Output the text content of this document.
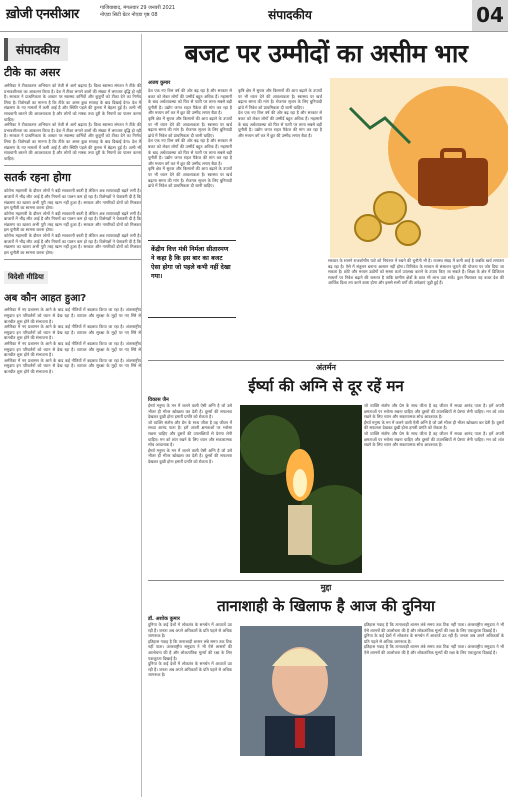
ख़ोजी एनसीआर	गाजियाबाद, मंगलवार 29 जनवरी 2021
नोएडा सिटी ग्रेटर नोएडा पृष्ठ 08	संपादकीय	04
संपादकीय
टीके का असर

अमेरिका ने टीकाकरण अभियान को तेजी से आगे बढ़ाया है। विश्व स्वास्थ्य संगठन ने टीके की प्रभावशीलता का आकलन किया है। देश में टीका लगाने वालों की संख्या में लगातार वृद्धि हो रही है। सरकार ने प्राथमिकता के आधार पर स्वास्थ्य कर्मियों और बुजुर्गों को टीका देने का निर्णय लिया है। विशेषज्ञों का मानना है कि टीके का असर कुछ सप्ताह के बाद दिखाई देगा। देश में संक्रमण के नए मामलों में कमी आई है और स्थिति पहले की तुलना में बेहतर हुई है। अभी भी सावधानी बरतने की आवश्यकता है और लोगों को मास्क तथा दूरी के नियमों का पालन करना चाहिए।

अमेरिका ने टीकाकरण अभियान को तेजी से आगे बढ़ाया है। विश्व स्वास्थ्य संगठन ने टीके की प्रभावशीलता का आकलन किया है। देश में टीका लगाने वालों की संख्या में लगातार वृद्धि हो रही है। सरकार ने प्राथमिकता के आधार पर स्वास्थ्य कर्मियों और बुजुर्गों को टीका देने का निर्णय लिया है। विशेषज्ञों का मानना है कि टीके का असर कुछ सप्ताह के बाद दिखाई देगा। देश में संक्रमण के नए मामलों में कमी आई है और स्थिति पहले की तुलना में बेहतर हुई है। अभी भी सावधानी बरतने की आवश्यकता है और लोगों को मास्क तथा दूरी के नियमों का पालन करना चाहिए।

सतर्क रहना होगा

कोरोना महामारी के दौरान लोगों ने बड़ी सावधानी बरती है लेकिन अब लापरवाही बढ़ने लगी है। बाजारों में भीड़ लौट आई है और नियमों का पालन कम हो रहा है। विशेषज्ञों ने चेतावनी दी है कि संक्रमण का खतरा अभी पूरी तरह खत्म नहीं हुआ है। सरकार और नागरिकों दोनों को मिलकर इस चुनौती का सामना करना होगा।

कोरोना महामारी के दौरान लोगों ने बड़ी सावधानी बरती है लेकिन अब लापरवाही बढ़ने लगी है। बाजारों में भीड़ लौट आई है और नियमों का पालन कम हो रहा है। विशेषज्ञों ने चेतावनी दी है कि संक्रमण का खतरा अभी पूरी तरह खत्म नहीं हुआ है। सरकार और नागरिकों दोनों को मिलकर इस चुनौती का सामना करना होगा।

कोरोना महामारी के दौरान लोगों ने बड़ी सावधानी बरती है लेकिन अब लापरवाही बढ़ने लगी है। बाजारों में भीड़ लौट आई है और नियमों का पालन कम हो रहा है। विशेषज्ञों ने चेतावनी दी है कि संक्रमण का खतरा अभी पूरी तरह खत्म नहीं हुआ है। सरकार और नागरिकों दोनों को मिलकर इस चुनौती का सामना करना होगा।

विदेशी मीडिया
अब कौन आहत हुआ?

अमेरिका में नए प्रशासन के आने के बाद कई नीतियों में बदलाव किया जा रहा है। अंतरराष्ट्रीय समुदाय इन परिवर्तनों को ध्यान से देख रहा है। व्यापार और सुरक्षा के मुद्दों पर नए सिरे से बातचीत शुरू होने की संभावना है।

अमेरिका में नए प्रशासन के आने के बाद कई नीतियों में बदलाव किया जा रहा है। अंतरराष्ट्रीय समुदाय इन परिवर्तनों को ध्यान से देख रहा है। व्यापार और सुरक्षा के मुद्दों पर नए सिरे से बातचीत शुरू होने की संभावना है।

अमेरिका में नए प्रशासन के आने के बाद कई नीतियों में बदलाव किया जा रहा है। अंतरराष्ट्रीय समुदाय इन परिवर्तनों को ध्यान से देख रहा है। व्यापार और सुरक्षा के मुद्दों पर नए सिरे से बातचीत शुरू होने की संभावना है।

अमेरिका में नए प्रशासन के आने के बाद कई नीतियों में बदलाव किया जा रहा है। अंतरराष्ट्रीय समुदाय इन परिवर्तनों को ध्यान से देख रहा है। व्यापार और सुरक्षा के मुद्दों पर नए सिरे से बातचीत शुरू होने की संभावना है।

बजट पर उम्मीदों का असीम भार
अजय कुमार

देश एक नए वित्त वर्ष की ओर बढ़ रहा है और सरकार से बजट को लेकर लोगों की उम्मीदें बहुत अधिक हैं। महामारी के बाद अर्थव्यवस्था को फिर से पटरी पर लाना सबसे बड़ी चुनौती है। उद्योग जगत राहत पैकेज की मांग कर रहा है और मध्यम वर्ग कर में छूट की उम्मीद लगाए बैठा है।

कृषि क्षेत्र में सुधार और किसानों की आय बढ़ाने के उपायों पर भी ध्यान देने की आवश्यकता है। स्वास्थ्य पर खर्च बढ़ाना समय की मांग है। रोजगार सृजन के लिए बुनियादी ढांचे में निवेश को प्राथमिकता दी जानी चाहिए।

देश एक नए वित्त वर्ष की ओर बढ़ रहा है और सरकार से बजट को लेकर लोगों की उम्मीदें बहुत अधिक हैं। महामारी के बाद अर्थव्यवस्था को फिर से पटरी पर लाना सबसे बड़ी चुनौती है। उद्योग जगत राहत पैकेज की मांग कर रहा है और मध्यम वर्ग कर में छूट की उम्मीद लगाए बैठा है।

कृषि क्षेत्र में सुधार और किसानों की आय बढ़ाने के उपायों पर भी ध्यान देने की आवश्यकता है। स्वास्थ्य पर खर्च बढ़ाना समय की मांग है। रोजगार सृजन के लिए बुनियादी ढांचे में निवेश को प्राथमिकता दी जानी चाहिए।

कृषि क्षेत्र में सुधार और किसानों की आय बढ़ाने के उपायों पर भी ध्यान देने की आवश्यकता है। स्वास्थ्य पर खर्च बढ़ाना समय की मांग है। रोजगार सृजन के लिए बुनियादी ढांचे में निवेश को प्राथमिकता दी जानी चाहिए।

देश एक नए वित्त वर्ष की ओर बढ़ रहा है और सरकार से बजट को लेकर लोगों की उम्मीदें बहुत अधिक हैं। महामारी के बाद अर्थव्यवस्था को फिर से पटरी पर लाना सबसे बड़ी चुनौती है। उद्योग जगत राहत पैकेज की मांग कर रहा है और मध्यम वर्ग कर में छूट की उम्मीद लगाए बैठा है।

सरकार के सामने राजकोषीय घाटे को नियंत्रण में रखने की चुनौती भी है। राजस्व संग्रह में कमी आई है जबकि खर्च लगातार बढ़ रहा है। ऐसे में संतुलन बनाना आसान नहीं होगा। विनिवेश के माध्यम से संसाधन जुटाने की योजना पर जोर दिया जा सकता है। छोटे और मध्यम उद्योगों को सस्ता कर्ज उपलब्ध कराने के उपाय किए जा सकते हैं। शिक्षा के क्षेत्र में डिजिटल साधनों पर निवेश बढ़ाने की जरूरत है ताकि ग्रामीण क्षेत्रों के छात्र भी लाभ उठा सकें। कुल मिलाकर यह बजट देश की आर्थिक दिशा तय करने वाला होगा और इससे सभी वर्गों की अपेक्षाएं जुड़ी हुई हैं।

केंद्रीय वित्त मंत्री निर्मला सीतारमण ने कहा है कि इस बार का बजट ऐसा होगा जो पहले कभी नहीं देखा गया।
अंतर्मन
ईर्ष्या की अग्नि से दूर रहें मन
विकास जैन

ईर्ष्या मनुष्य के मन में जलने वाली ऐसी अग्नि है जो उसे भीतर ही भीतर खोखला कर देती है। दूसरों की सफलता देखकर दुखी होना हमारी प्रगति को रोकता है।

जो व्यक्ति संतोष और प्रेम के साथ जीता है वह जीवन में सच्चा आनंद पाता है। हमें अपनी क्षमताओं पर भरोसा रखना चाहिए और दूसरों की उपलब्धियों से प्रेरणा लेनी चाहिए। मन को शांत रखने के लिए ध्यान और सकारात्मक सोच आवश्यक है।

ईर्ष्या मनुष्य के मन में जलने वाली ऐसी अग्नि है जो उसे भीतर ही भीतर खोखला कर देती है। दूसरों की सफलता देखकर दुखी होना हमारी प्रगति को रोकता है।

जो व्यक्ति संतोष और प्रेम के साथ जीता है वह जीवन में सच्चा आनंद पाता है। हमें अपनी क्षमताओं पर भरोसा रखना चाहिए और दूसरों की उपलब्धियों से प्रेरणा लेनी चाहिए। मन को शांत रखने के लिए ध्यान और सकारात्मक सोच आवश्यक है।

ईर्ष्या मनुष्य के मन में जलने वाली ऐसी अग्नि है जो उसे भीतर ही भीतर खोखला कर देती है। दूसरों की सफलता देखकर दुखी होना हमारी प्रगति को रोकता है।

जो व्यक्ति संतोष और प्रेम के साथ जीता है वह जीवन में सच्चा आनंद पाता है। हमें अपनी क्षमताओं पर भरोसा रखना चाहिए और दूसरों की उपलब्धियों से प्रेरणा लेनी चाहिए। मन को शांत रखने के लिए ध्यान और सकारात्मक सोच आवश्यक है।

मुद्दा
तानाशाही के खिलाफ है आज की दुनिया
डॉ. अशोक कुमार

दुनिया के कई देशों में लोकतंत्र के समर्थन में आवाजें उठ रही हैं। जनता अब अपने अधिकारों के प्रति पहले से अधिक जागरूक है।

इतिहास गवाह है कि तानाशाही शासन लंबे समय तक टिक नहीं पाता। अंतरराष्ट्रीय समुदाय ने भी ऐसे शासनों की आलोचना की है और लोकतांत्रिक मूल्यों की रक्षा के लिए एकजुटता दिखाई है।

दुनिया के कई देशों में लोकतंत्र के समर्थन में आवाजें उठ रही हैं। जनता अब अपने अधिकारों के प्रति पहले से अधिक जागरूक है।

इतिहास गवाह है कि तानाशाही शासन लंबे समय तक टिक नहीं पाता। अंतरराष्ट्रीय समुदाय ने भी ऐसे शासनों की आलोचना की है और लोकतांत्रिक मूल्यों की रक्षा के लिए एकजुटता दिखाई है।

दुनिया के कई देशों में लोकतंत्र के समर्थन में आवाजें उठ रही हैं। जनता अब अपने अधिकारों के प्रति पहले से अधिक जागरूक है।

इतिहास गवाह है कि तानाशाही शासन लंबे समय तक टिक नहीं पाता। अंतरराष्ट्रीय समुदाय ने भी ऐसे शासनों की आलोचना की है और लोकतांत्रिक मूल्यों की रक्षा के लिए एकजुटता दिखाई है।
